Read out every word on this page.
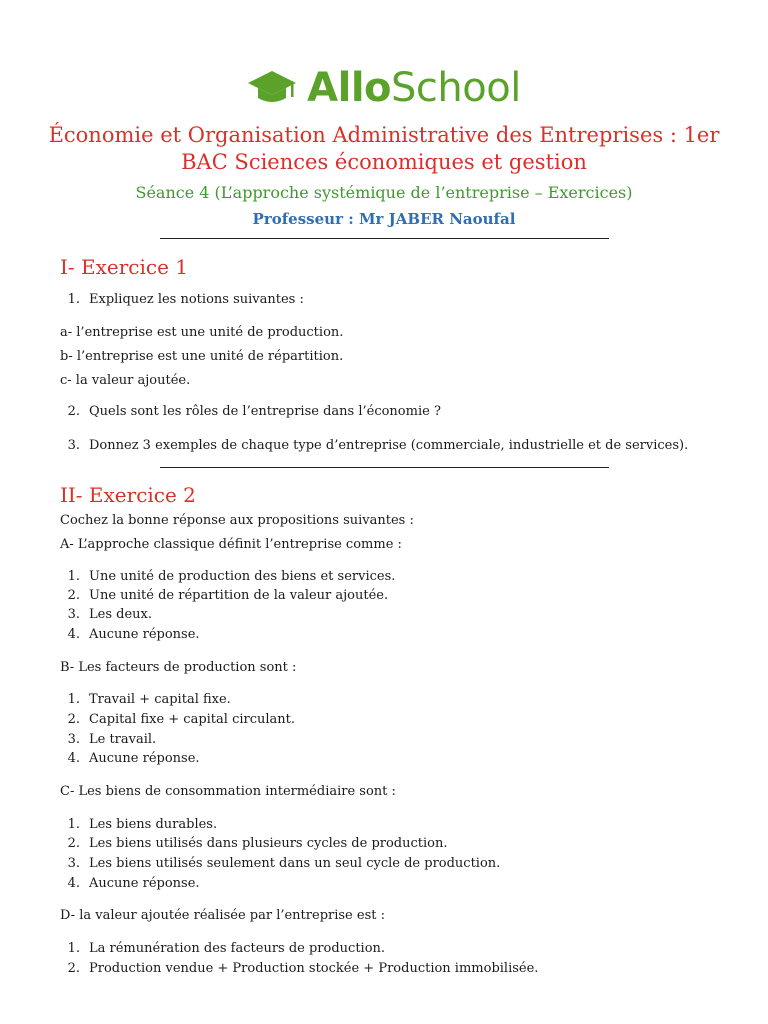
AlloSchool
Économie et Organisation Administrative des Entreprises : 1er BAC Sciences économiques et gestion
Séance 4 (L’approche systémique de l’entreprise – Exercices)
Professeur : Mr JABER Naoufal
I- Exercice 1
1. Expliquez les notions suivantes :
a- l’entreprise est une unité de production.
b- l’entreprise est une unité de répartition.
c- la valeur ajoutée.
2. Quels sont les rôles de l’entreprise dans l’économie ?
3. Donnez 3 exemples de chaque type d’entreprise (commerciale, industrielle et de services).
II- Exercice 2
Cochez la bonne réponse aux propositions suivantes :
A- L’approche classique définit l’entreprise comme :
1. Une unité de production des biens et services.
2. Une unité de répartition de la valeur ajoutée.
3. Les deux.
4. Aucune réponse.
B- Les facteurs de production sont :
1. Travail + capital fixe.
2. Capital fixe + capital circulant.
3. Le travail.
4. Aucune réponse.
C- Les biens de consommation intermédiaire sont :
1. Les biens durables.
2. Les biens utilisés dans plusieurs cycles de production.
3. Les biens utilisés seulement dans un seul cycle de production.
4. Aucune réponse.
D- la valeur ajoutée réalisée par l’entreprise est :
1. La rémunération des facteurs de production.
2. Production vendue + Production stockée + Production immobilisée.
